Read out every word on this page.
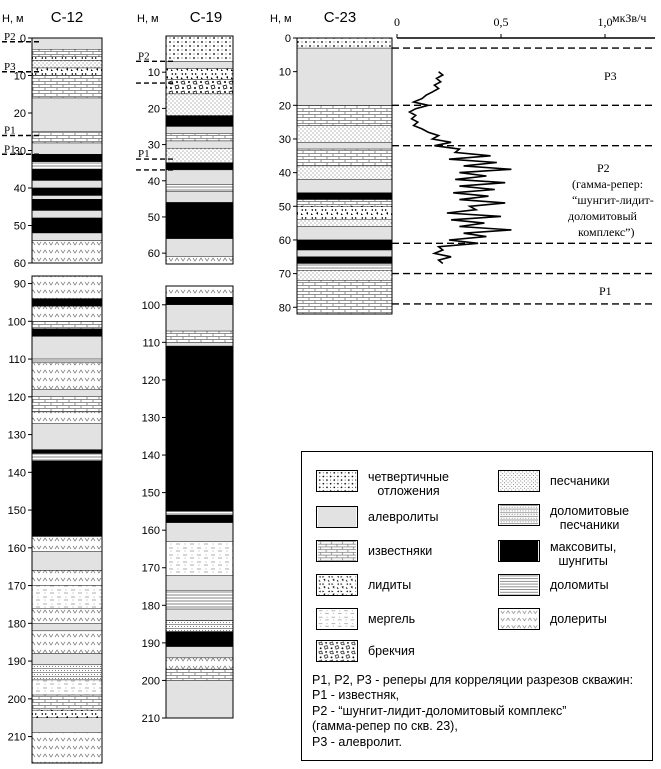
С-12	С-19	С-23
Н, м	Н, м	Н, м	мкЗв/ч
0
10
20
30
40
50
60
P2
P3
P1
P1
90
100
110
120
130
140
150
160
170
180
190
200
210
10
20
30
40
50
60
P2
P1
100
110
120
130
140
150
160
170
180
190
200
210
0
10
20
30
40
50
60
70
80
0	0,5	1,0
Р3
Р2
(гамма-репер:
“шунгит-лидит-
доломитовый
комплекс”)
Р1
четвертичные
отложения
алевролиты
известняки
лидиты
мергель
брекчия
песчаники
доломитовые
песчаники
максовиты,
шунгиты
доломиты
долериты
Р1, Р2, Р3 - реперы для корреляции разрезов скважин:
Р1 - известняк,
Р2 - “шунгит-лидит-доломитовый комплекс”
(гамма-репер по скв. 23),
Р3 - алевролит.
